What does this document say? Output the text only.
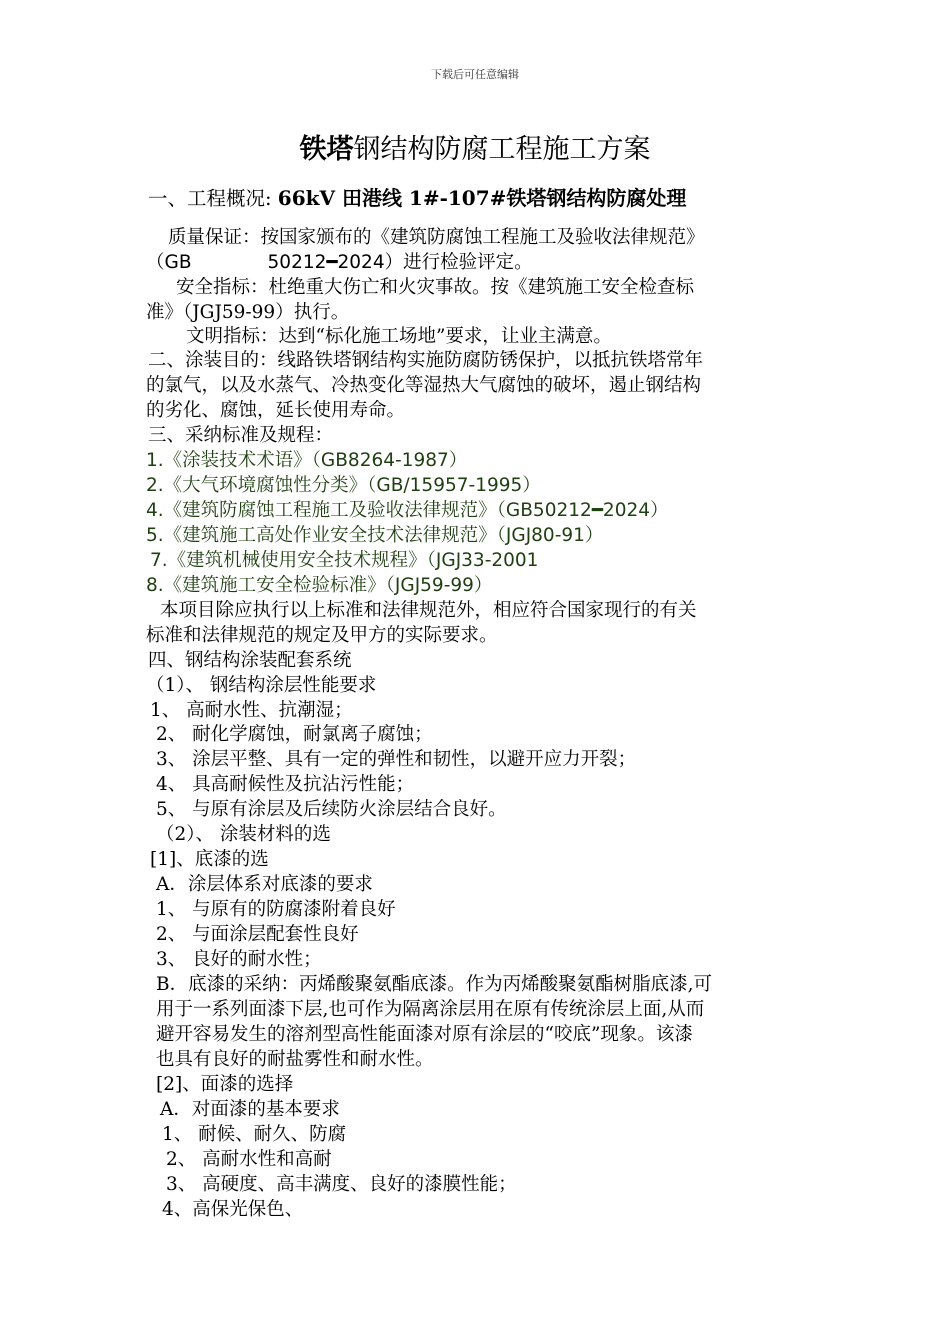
下载后可任意编辑
铁塔钢结构防腐工程施工方案
一、工程概况: 66kV 田港线 1#-107#铁塔钢结构防腐处理
质量保证：按国家颁布的《建筑防腐蚀工程施工及验收法律规范》
（GB	50212━2024）进行检验评定。
安全指标：杜绝重大伤亡和火灾事故。按《建筑施工安全检查标
准》（JGJ59-99）执行。
文明指标：达到“标化施工场地”要求，让业主满意。
二、涂装目的：线路铁塔钢结构实施防腐防锈保护，以抵抗铁塔常年
的氯气，以及水蒸气、冷热变化等湿热大气腐蚀的破坏，遏止钢结构
的劣化、腐蚀，延长使用寿命。
三、采纳标准及规程：
1.《涂装技术术语》（GB8264-1987）
2.《大气环境腐蚀性分类》（GB/15957-1995）
4.《建筑防腐蚀工程施工及验收法律规范》（GB50212━2024）
5.《建筑施工高处作业安全技术法律规范》（JGJ80-91）
7.《建筑机械使用安全技术规程》（JGJ33-2001
8.《建筑施工安全检验标准》（JGJ59-99）
本项目除应执行以上标准和法律规范外，相应符合国家现行的有关
标准和法律规范的规定及甲方的实际要求。
四、钢结构涂装配套系统
（1）、 钢结构涂层性能要求
1、 高耐水性、抗潮湿；
2、 耐化学腐蚀，耐氯离子腐蚀；
3、 涂层平整、具有一定的弹性和韧性，以避开应力开裂；
4、 具高耐候性及抗沾污性能；
5、 与原有涂层及后续防火涂层结合良好。
（2）、 涂装材料的选
[1]、底漆的选
A．涂层体系对底漆的要求
1、 与原有的防腐漆附着良好
2、 与面涂层配套性良好
3、 良好的耐水性；
B．底漆的采纳：丙烯酸聚氨酯底漆。作为丙烯酸聚氨酯树脂底漆,可
用于一系列面漆下层,也可作为隔离涂层用在原有传统涂层上面,从而
避开容易发生的溶剂型高性能面漆对原有涂层的“咬底”现象。该漆
也具有良好的耐盐雾性和耐水性。
[2]、面漆的选择
A．对面漆的基本要求
1、 耐候、耐久、防腐
2、 高耐水性和高耐
3、 高硬度、高丰满度、良好的漆膜性能；
4、高保光保色、
